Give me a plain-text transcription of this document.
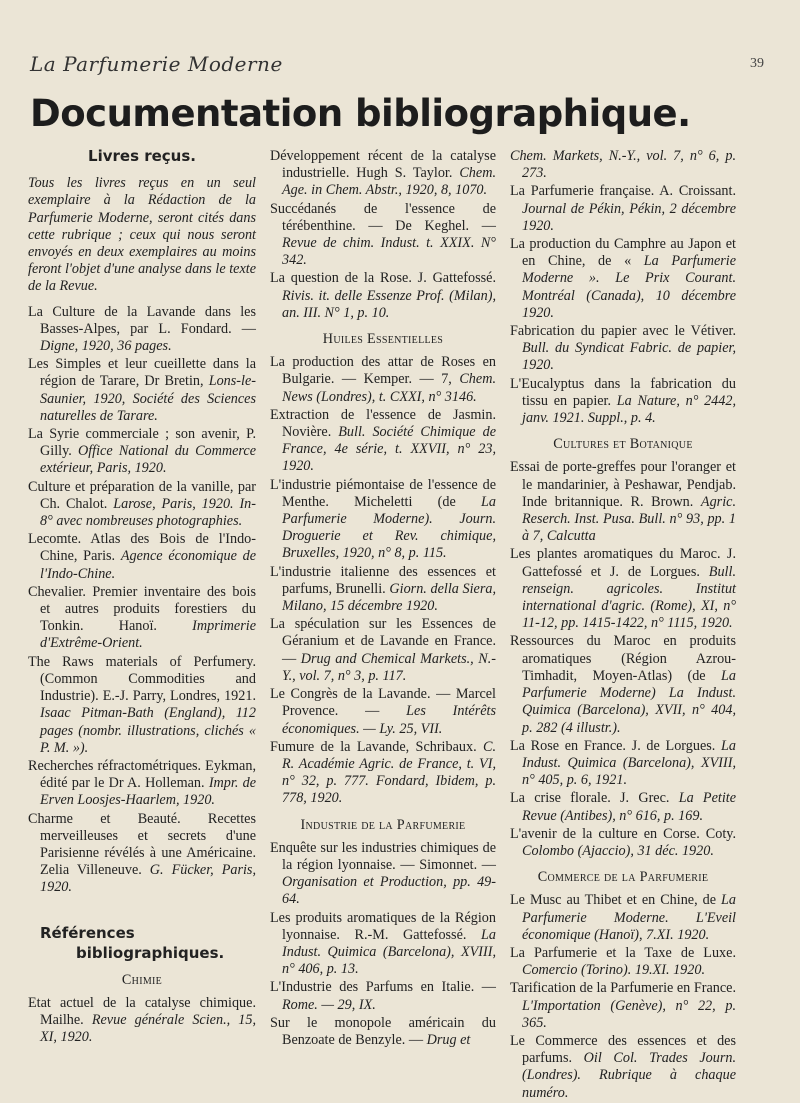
La Parfumerie Moderne	39
Documentation bibliographique.
Livres reçus.

Tous les livres reçus en un seul exemplaire à la Rédaction de la Parfumerie Moderne, seront cités dans cette rubrique ; ceux qui nous seront envoyés en deux exemplaires au moins feront l'objet d'une analyse dans le texte de la Revue.

La Culture de la Lavande dans les Basses-Alpes, par L. Fondard. — Digne, 1920, 36 pages.
Les Simples et leur cueillette dans la région de Tarare, Dr Bretin, Lons-le-Saunier, 1920, Société des Sciences naturelles de Tarare.
La Syrie commerciale ; son avenir, P. Gilly. Office National du Commerce extérieur, Paris, 1920.
Culture et préparation de la vanille, par Ch. Chalot. Larose, Paris, 1920. In-8° avec nombreuses photographies.
Lecomte. Atlas des Bois de l'Indo-Chine, Paris. Agence économique de l'Indo-Chine.
Chevalier. Premier inventaire des bois et autres produits forestiers du Tonkin. Hanoï. Imprimerie d'Extrême-Orient.
The Raws materials of Perfumery. (Common Commodities and Industrie). E.-J. Parry, Londres, 1921. Isaac Pitman-Bath (England), 112 pages (nombr. illustrations, clichés « P. M. »).
Recherches réfractométriques. Eykman, édité par le Dr A. Holleman. Impr. de Erven Loosjes-Haarlem, 1920.
Charme et Beauté. Recettes merveilleuses et secrets d'une Parisienne révélés à une Américaine. Zelia Villeneuve. G. Fücker, Paris, 1920.
Références
bibliographiques.
Chimie
Etat actuel de la catalyse chimique. Mailhe. Revue générale Scien., 15, XI, 1920.
Développement récent de la catalyse industrielle. Hugh S. Taylor. Chem. Age. in Chem. Abstr., 1920, 8, 1070.
Succédanés de l'essence de térébenthine. — De Keghel. — Revue de chim. Indust. t. XXIX. N° 342.
La question de la Rose. J. Gattefossé. Rivis. it. delle Essenze Prof. (Milan), an. III. N° 1, p. 10.
Huiles Essentielles
La production des attar de Roses en Bulgarie. — Kemper. — 7, Chem. News (Londres), t. CXXI, n° 3146.
Extraction de l'essence de Jasmin. Novière. Bull. Société Chimique de France, 4e série, t. XXVII, n° 23, 1920.
L'industrie piémontaise de l'essence de Menthe. Micheletti (de La Parfumerie Moderne). Journ. Droguerie et Rev. chimique, Bruxelles, 1920, n° 8, p. 115.
L'industrie italienne des essences et parfums, Brunelli. Giorn. della Siera, Milano, 15 décembre 1920.
La spéculation sur les Essences de Géranium et de Lavande en France. — Drug and Chemical Markets., N.-Y., vol. 7, n° 3, p. 117.
Le Congrès de la Lavande. — Marcel Provence. — Les Intérêts économiques. — Ly. 25, VII.
Fumure de la Lavande, Schribaux. C. R. Académie Agric. de France, t. VI, n° 32, p. 777. Fondard, Ibidem, p. 778, 1920.
Industrie de la Parfumerie
Enquête sur les industries chimiques de la région lyonnaise. — Simonnet. — Organisation et Production, pp. 49-64.
Les produits aromatiques de la Région lyonnaise. R.-M. Gattefossé. La Indust. Quimica (Barcelona), XVIII, n° 406, p. 13.
L'Industrie des Parfums en Italie. — Rome. — 29, IX.
Sur le monopole américain du Benzoate de Benzyle. — Drug et
Chem. Markets, N.-Y., vol. 7, n° 6, p. 273.
La Parfumerie française. A. Croissant. Journal de Pékin, Pékin, 2 décembre 1920.
La production du Camphre au Japon et en Chine, de « La Parfumerie Moderne ». Le Prix Courant. Montréal (Canada), 10 décembre 1920.
Fabrication du papier avec le Vétiver. Bull. du Syndicat Fabric. de papier, 1920.
L'Eucalyptus dans la fabrication du tissu en papier. La Nature, n° 2442, janv. 1921. Suppl., p. 4.
Cultures et Botanique
Essai de porte-greffes pour l'oranger et le mandarinier, à Peshawar, Pendjab. Inde britannique. R. Brown. Agric. Reserch. Inst. Pusa. Bull. n° 93, pp. 1 à 7, Calcutta
Les plantes aromatiques du Maroc. J. Gattefossé et J. de Lorgues. Bull. renseign. agricoles. Institut international d'agric. (Rome), XI, n° 11-12, pp. 1415-1422, n° 1115, 1920.
Ressources du Maroc en produits aromatiques (Région Azrou-Timhadit, Moyen-Atlas) (de La Parfumerie Moderne) La Indust. Quimica (Barcelona), XVII, n° 404, p. 282 (4 illustr.).
La Rose en France. J. de Lorgues. La Indust. Quimica (Barcelona), XVIII, n° 405, p. 6, 1921.
La crise florale. J. Grec. La Petite Revue (Antibes), n° 616, p. 169.
L'avenir de la culture en Corse. Coty. Colombo (Ajaccio), 31 déc. 1920.
Commerce de la Parfumerie
Le Musc au Thibet et en Chine, de La Parfumerie Moderne. L'Eveil économique (Hanoï), 7.XI. 1920.
La Parfumerie et la Taxe de Luxe. Comercio (Torino). 19.XI. 1920.
Tarification de la Parfumerie en France. L'Importation (Genève), n° 22, p. 365.
Le Commerce des essences et des parfums. Oil Col. Trades Journ. (Londres). Rubrique à chaque numéro.
